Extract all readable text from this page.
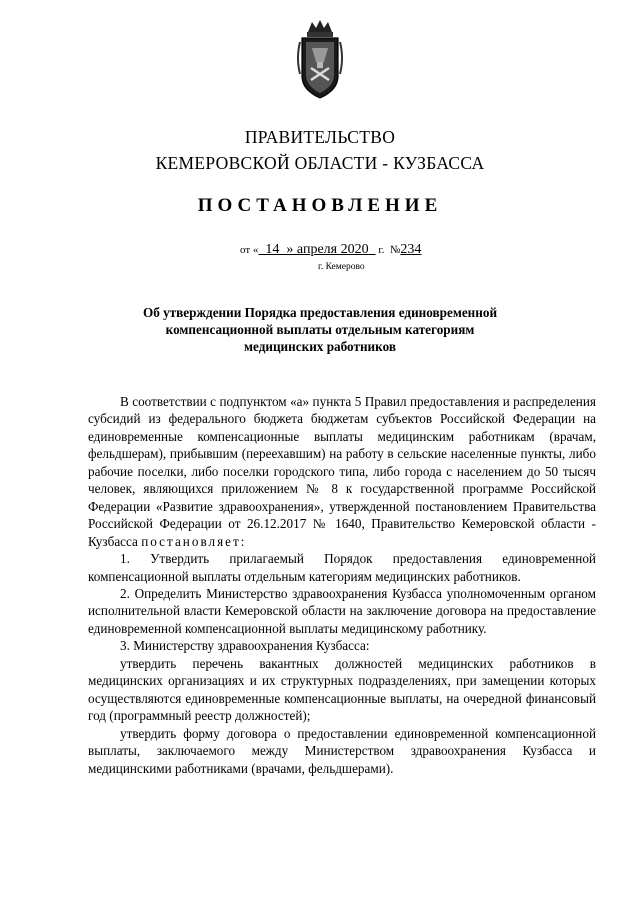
ПРАВИТЕЛЬСТВО
КЕМЕРОВСКОЙ ОБЛАСТИ - КУЗБАССА
ПОСТАНОВЛЕНИЕ
от « 14 » апреля 2020 г. №234
г. Кемерово
Об утверждении Порядка предоставления единовременной
компенсационной выплаты отдельным категориям
медицинских работников

В соответствии с подпунктом «а» пункта 5 Правил предоставления и распределения субсидий из федерального бюджета бюджетам субъектов Российской Федерации на единовременные компенсационные выплаты медицинским работникам (врачам, фельдшерам), прибывшим (переехавшим) на работу в сельские населенные пункты, либо рабочие поселки, либо поселки городского типа, либо города с населением до 50 тысяч человек, являющихся приложением № 8 к государственной программе Российской Федерации «Развитие здравоохранения», утвержденной постановлением Правительства Российской Федерации от 26.12.2017 № 1640, Правительство Кемеровской области - Кузбасса постановляет:

1. Утвердить прилагаемый Порядок предоставления единовременной компенсационной выплаты отдельным категориям медицинских работников.

2. Определить Министерство здравоохранения Кузбасса уполномоченным органом исполнительной власти Кемеровской области на заключение договора на предоставление единовременной компенсационной выплаты медицинскому работнику.

3. Министерству здравоохранения Кузбасса:

утвердить перечень вакантных должностей медицинских работников в медицинских организациях и их структурных подразделениях, при замещении которых осуществляются единовременные компенсационные выплаты, на очередной финансовый год (программный реестр должностей);

утвердить форму договора о предоставлении единовременной компенсационной выплаты, заключаемого между Министерством здравоохранения Кузбасса и медицинскими работниками (врачами, фельдшерами).
